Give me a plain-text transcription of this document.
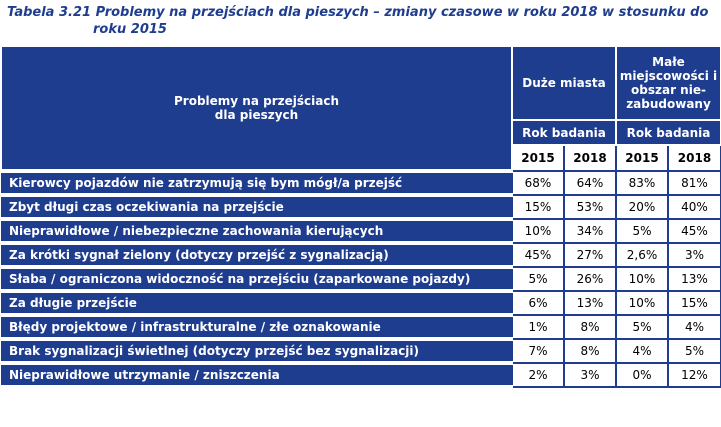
Tabela 3.21 Problemy na przejściach dla pieszych – zmiany czasowe w roku 2018 w stosunku do
roku 2015
Problemy na przejściach
dla pieszych	Duże miasta		Małe miejscowości i obszar nie-zabudowany	
	Rok badania		Rok badania	
	2015	2018	2015	2018
Kierowcy pojazdów nie zatrzymują się bym mógł/a przejść	68%	64%	83%	81%
Zbyt długi czas oczekiwania na przejście	15%	53%	20%	40%
Nieprawidłowe / niebezpieczne zachowania kierujących	10%	34%	5%	45%
Za krótki sygnał zielony (dotyczy przejść z sygnalizacją)	45%	27%	2,6%	3%
Słaba / ograniczona widoczność na przejściu (zaparkowane pojazdy)	5%	26%	10%	13%
Za długie przejście	6%	13%	10%	15%
Błędy projektowe / infrastrukturalne / złe oznakowanie	1%	8%	5%	4%
Brak sygnalizacji świetlnej (dotyczy przejść bez sygnalizacji)	7%	8%	4%	5%
Nieprawidłowe utrzymanie / zniszczenia	2%	3%	0%	12%
